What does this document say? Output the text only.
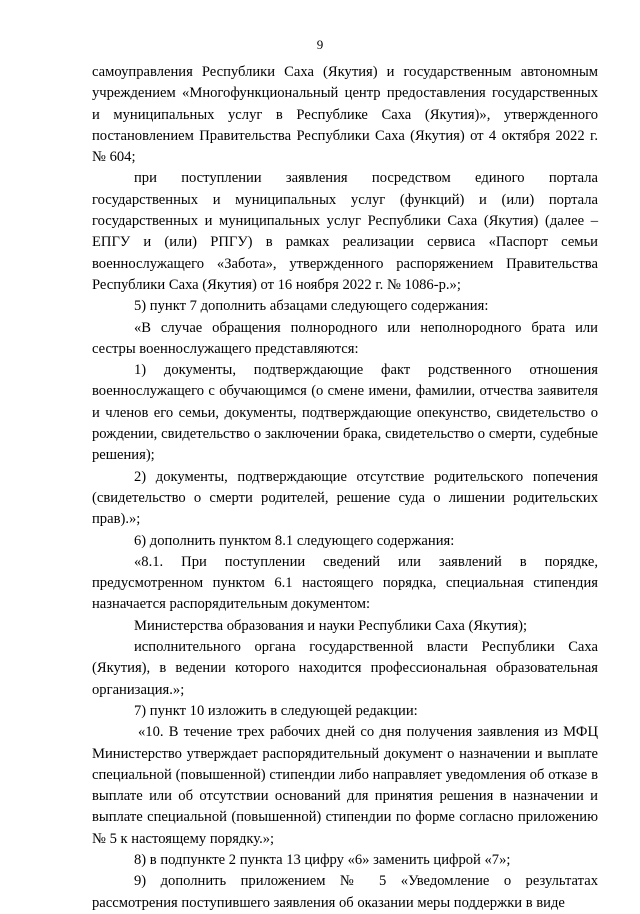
9

самоуправления Республики Саха (Якутия) и государственным автономным учреждением «Многофункциональный центр предоставления государственных и муниципальных услуг в Республике Саха (Якутия)», утвержденного постановлением Правительства Республики Саха (Якутия) от 4 октября 2022 г. № 604;

при поступлении заявления посредством единого портала государственных и муниципальных услуг (функций) и (или) портала государственных и муниципальных услуг Республики Саха (Якутия) (далее – ЕПГУ и (или) РПГУ) в рамках реализации сервиса «Паспорт семьи военнослужащего «Забота», утвержденного распоряжением Правительства Республики Саха (Якутия) от 16 ноября 2022 г. № 1086-р.»;

5) пункт 7 дополнить абзацами следующего содержания:

«В случае обращения полнородного или неполнородного брата или сестры военнослужащего представляются:

1) документы, подтверждающие факт родственного отношения военнослужащего с обучающимся (о смене имени, фамилии, отчества заявителя и членов его семьи, документы, подтверждающие опекунство, свидетельство о рождении, свидетельство о заключении брака, свидетельство о смерти, судебные решения);

2) документы, подтверждающие отсутствие родительского попечения (свидетельство о смерти родителей, решение суда о лишении родительских прав).»;

6) дополнить пунктом 8.1 следующего содержания:

«8.1. При поступлении сведений или заявлений в порядке, предусмотренном пунктом 6.1 настоящего порядка, специальная стипендия назначается распорядительным документом:

Министерства образования и науки Республики Саха (Якутия);

исполнительного органа государственной власти Республики Саха (Якутия), в ведении которого находится профессиональная образовательная организация.»;

7) пункт 10 изложить в следующей редакции:

«10. В течение трех рабочих дней со дня получения заявления из МФЦ Министерство утверждает распорядительный документ о назначении и выплате специальной (повышенной) стипендии либо направляет уведомления об отказе в выплате или об отсутствии оснований для принятия решения в назначении и выплате специальной (повышенной) стипендии по форме согласно приложению № 5 к настоящему порядку.»;

8) в подпункте 2 пункта 13 цифру «6» заменить цифрой «7»;

9) дополнить приложением № 5 «Уведомление о результатах рассмотрения поступившего заявления об оказании меры поддержки в виде
